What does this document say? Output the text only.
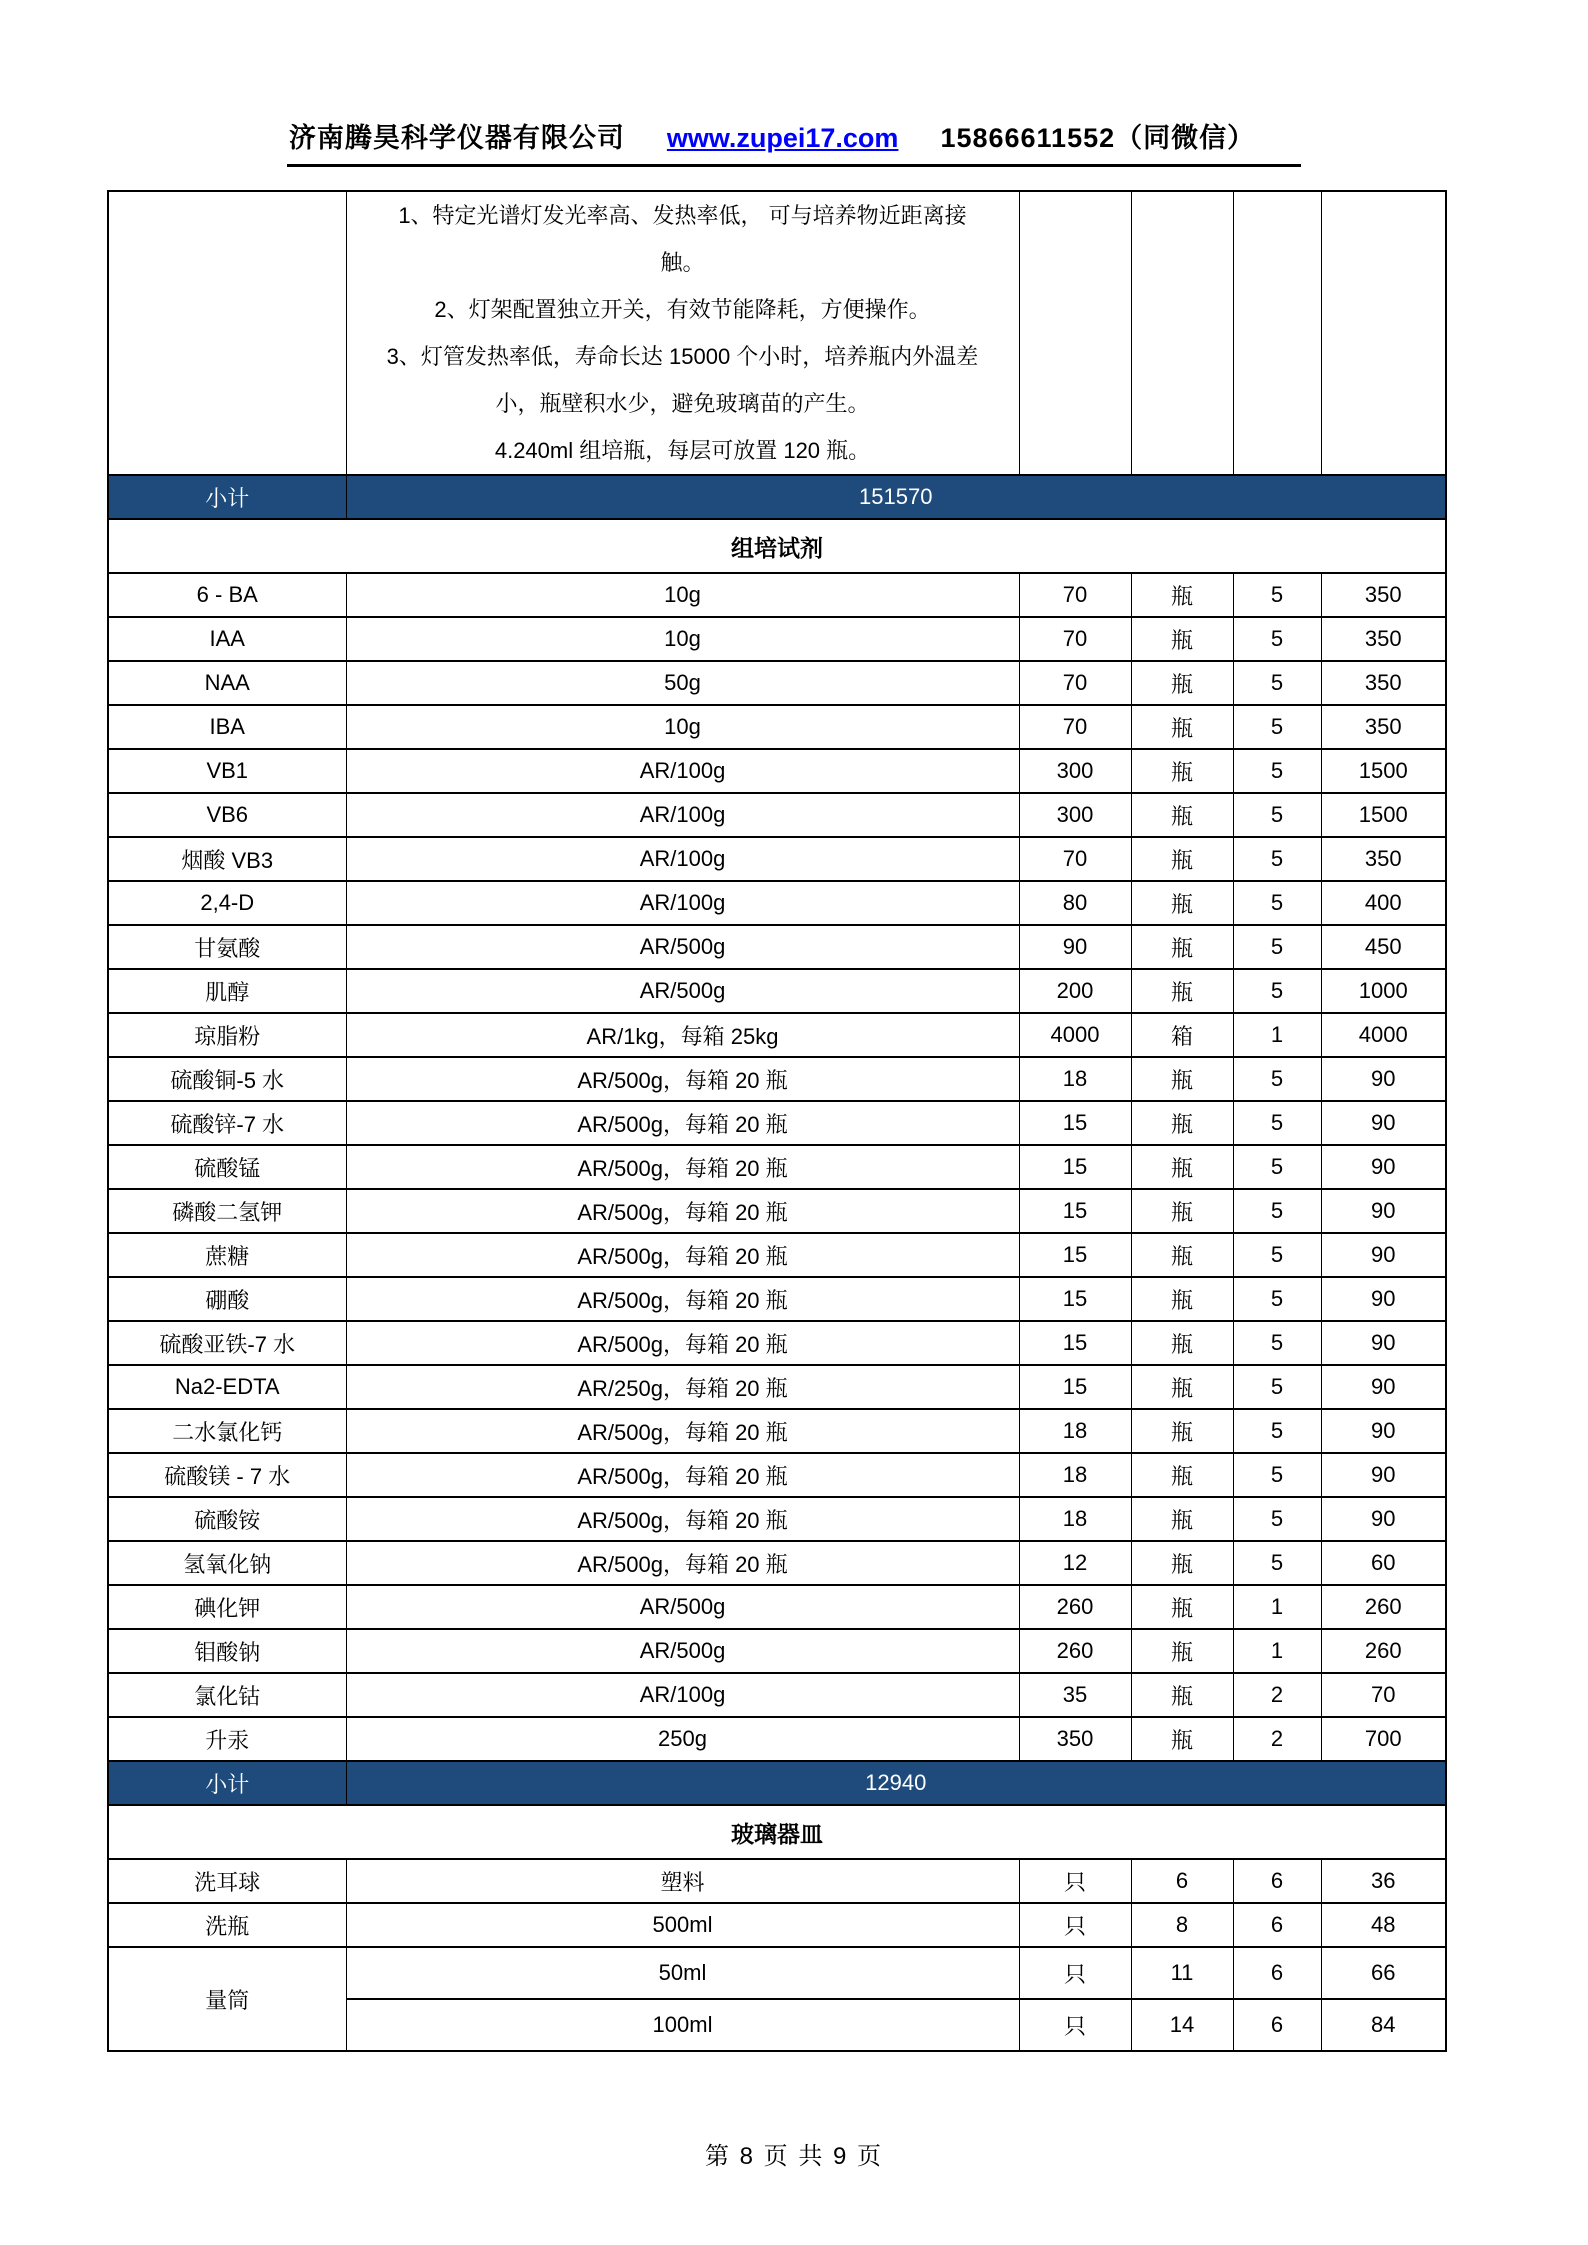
济南腾昊科学仪器有限公司 www.zupei17.com 15866611552（同微信）

1、特定光谱灯发光率高、发热率低， 可与培养物近距离接
触。
2、灯架配置独立开关，有效节能降耗，方便操作。
3、灯管发热率低，寿命长达 15000 个小时，培养瓶内外温差
小，瓶壁积水少，避免玻璃苗的产生。
4.240ml 组培瓶，每层可放置 120 瓶。

小计	151570				
组培试剂					
6 - BA	10g	70	瓶	5	350
IAA	10g	70	瓶	5	350
NAA	50g	70	瓶	5	350
IBA	10g	70	瓶	5	350
VB1	AR/100g	300	瓶	5	1500
VB6	AR/100g	300	瓶	5	1500
烟酸 VB3	AR/100g	70	瓶	5	350
2,4-D	AR/100g	80	瓶	5	400
甘氨酸	AR/500g	90	瓶	5	450
肌醇	AR/500g	200	瓶	5	1000
琼脂粉	AR/1kg，每箱 25kg	4000	箱	1	4000
硫酸铜-5 水	AR/500g，每箱 20 瓶	18	瓶	5	90
硫酸锌-7 水	AR/500g，每箱 20 瓶	15	瓶	5	90
硫酸锰	AR/500g，每箱 20 瓶	15	瓶	5	90
磷酸二氢钾	AR/500g，每箱 20 瓶	15	瓶	5	90
蔗糖	AR/500g，每箱 20 瓶	15	瓶	5	90
硼酸	AR/500g，每箱 20 瓶	15	瓶	5	90
硫酸亚铁-7 水	AR/500g，每箱 20 瓶	15	瓶	5	90
Na2-EDTA	AR/250g，每箱 20 瓶	15	瓶	5	90
二水氯化钙	AR/500g，每箱 20 瓶	18	瓶	5	90
硫酸镁 - 7 水	AR/500g，每箱 20 瓶	18	瓶	5	90
硫酸铵	AR/500g，每箱 20 瓶	18	瓶	5	90
氢氧化钠	AR/500g，每箱 20 瓶	12	瓶	5	60
碘化钾	AR/500g	260	瓶	1	260
钼酸钠	AR/500g	260	瓶	1	260
氯化钴	AR/100g	35	瓶	2	70
升汞	250g	350	瓶	2	700
小计	12940				
玻璃器皿					
洗耳球	塑料	只	6	6	36
洗瓶	500ml	只	8	6	48
量筒	50ml	只	11	6	66
	100ml	只	14	6	84
第 8 页 共 9 页
